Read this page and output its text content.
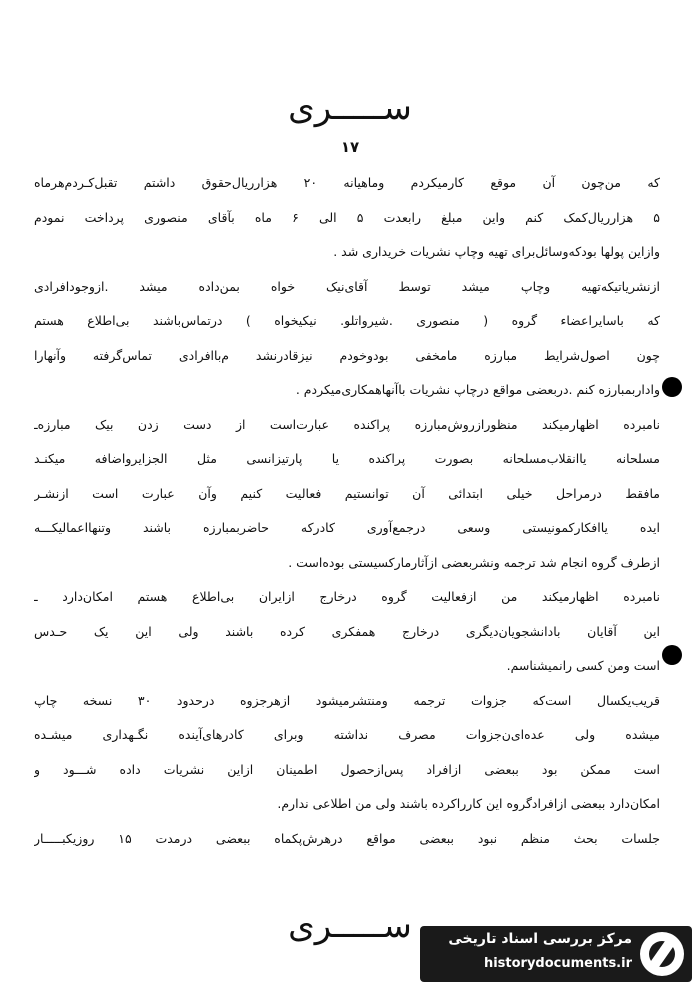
ســـــری
۱۷
که من‌چون آن موقع کارمیکردم وماهیانه ۲۰ هزارریال‌حقوق داشتم تقبل‌کـرد‌م‌هرماه
۵ هزارریال‌کمک کنم واین مبلغ رابعدت ۵ الی ۶ ماه بآقای منصوری پرداخت نمودم
وازاین پولها بود‌که‌وسائل‌برای تهیه وچاپ نشریات خریداری شد .
ازنشریاتیکه‌تهیه وچاپ میشد توسط آقای‌نیک خواه بمن‌داده میشد .ازوجودافرادی
که باسایراعضاء گروه ( منصوری .شیرواتلو. نیکیخواه ) درتماس‌باشند بی‌اطلاع هستم
چون اصول‌شرایط مبارزه مامخفی بود‌وخودم نیزقادرنشد م‌باافرادی تماس‌گرفته وآنهارا
واداربمبارزه کنم .در‌بعضی مواقع درچاپ نشریات باآنهاهمکاری‌میکردم .
ٔنامبرده اظهارمیکند منظوراز‌روش‌مبارزه پراکنده عبارت‌است از دست زدن بیک مبارزه‌ـ
مسلحانه یاانقلاب‌مسلحانه بصورت پراکنده یا پارتیزانسی مثل الجزایرواضافه میکنـد
مافقط درمراحل خیلی ابتدائی آن توانستیم فعالیت کنیم وآن عبارت است ازنشـر
ایده یاافکارکمونیستی وسعی درجمع‌آوری کادرکه حاضربمبارزه باشند وتنهااعمالیکـــه
ازطرف گروه انجام شد ترجمه ونشربعضی ازآثارمارکسیستی بود‌ه‌است .
نامبرده اظهارمیکند من ازفعالیت گروه درخارج ازایران بی‌اطلاع هستم امکان‌دارد ـ
این آقایان بادانشجویان‌دیگری درخارج همفکری کرده باشند ولی این یک حـدس
است ومن کسی رانمیشناسم.
قریب‌یکسال است‌که جزوات ترجمه ومنتشرمیشود ازهرجزوه درحدود ۳۰ نسخه چاپ
میشده ولی عده‌ای‌ن‌جزوات مصرف نداشته وبرای کادرهای‌آینده نگـهداری میشـده
است ممکن بود ببعضی ازافراد پس‌ازحصول اطمینان ازاین نشریات داده شـــود و
امکان‌دارد ببعضی ازافراد‌گروه این کارراکرده باشند ولی من اطلاعی ندارم.
جلسات بحث منظم نبود ببعضی مواقع درهرش‌پکماه ببعضی درمدت ۱۵ روزیکبـــــار
ســـــری	مرکز بررسی اسناد تاریخی
historydocuments.ir
